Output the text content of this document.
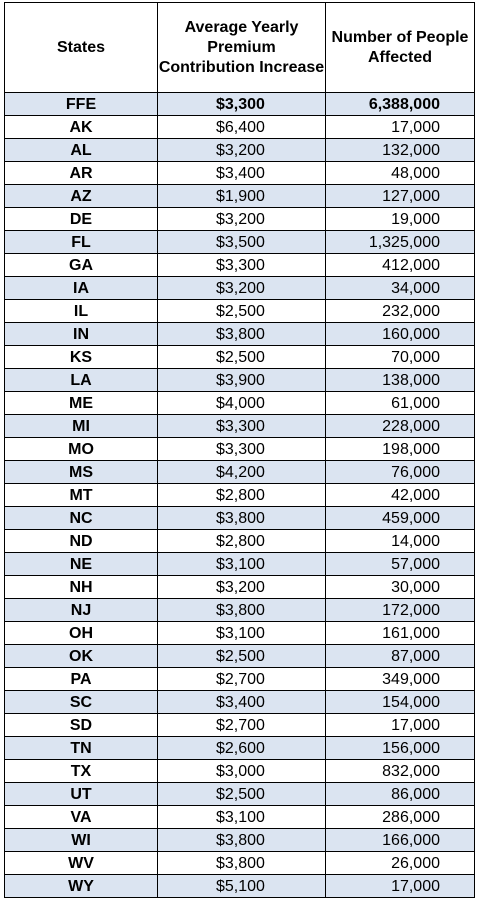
States	Average Yearly Premium Contribution Increase	Number of People Affected
FFE	$3,300	6,388,000
AK	$6,400	17,000
AL	$3,200	132,000
AR	$3,400	48,000
AZ	$1,900	127,000
DE	$3,200	19,000
FL	$3,500	1,325,000
GA	$3,300	412,000
IA	$3,200	34,000
IL	$2,500	232,000
IN	$3,800	160,000
KS	$2,500	70,000
LA	$3,900	138,000
ME	$4,000	61,000
MI	$3,300	228,000
MO	$3,300	198,000
MS	$4,200	76,000
MT	$2,800	42,000
NC	$3,800	459,000
ND	$2,800	14,000
NE	$3,100	57,000
NH	$3,200	30,000
NJ	$3,800	172,000
OH	$3,100	161,000
OK	$2,500	87,000
PA	$2,700	349,000
SC	$3,400	154,000
SD	$2,700	17,000
TN	$2,600	156,000
TX	$3,000	832,000
UT	$2,500	86,000
VA	$3,100	286,000
WI	$3,800	166,000
WV	$3,800	26,000
WY	$5,100	17,000
